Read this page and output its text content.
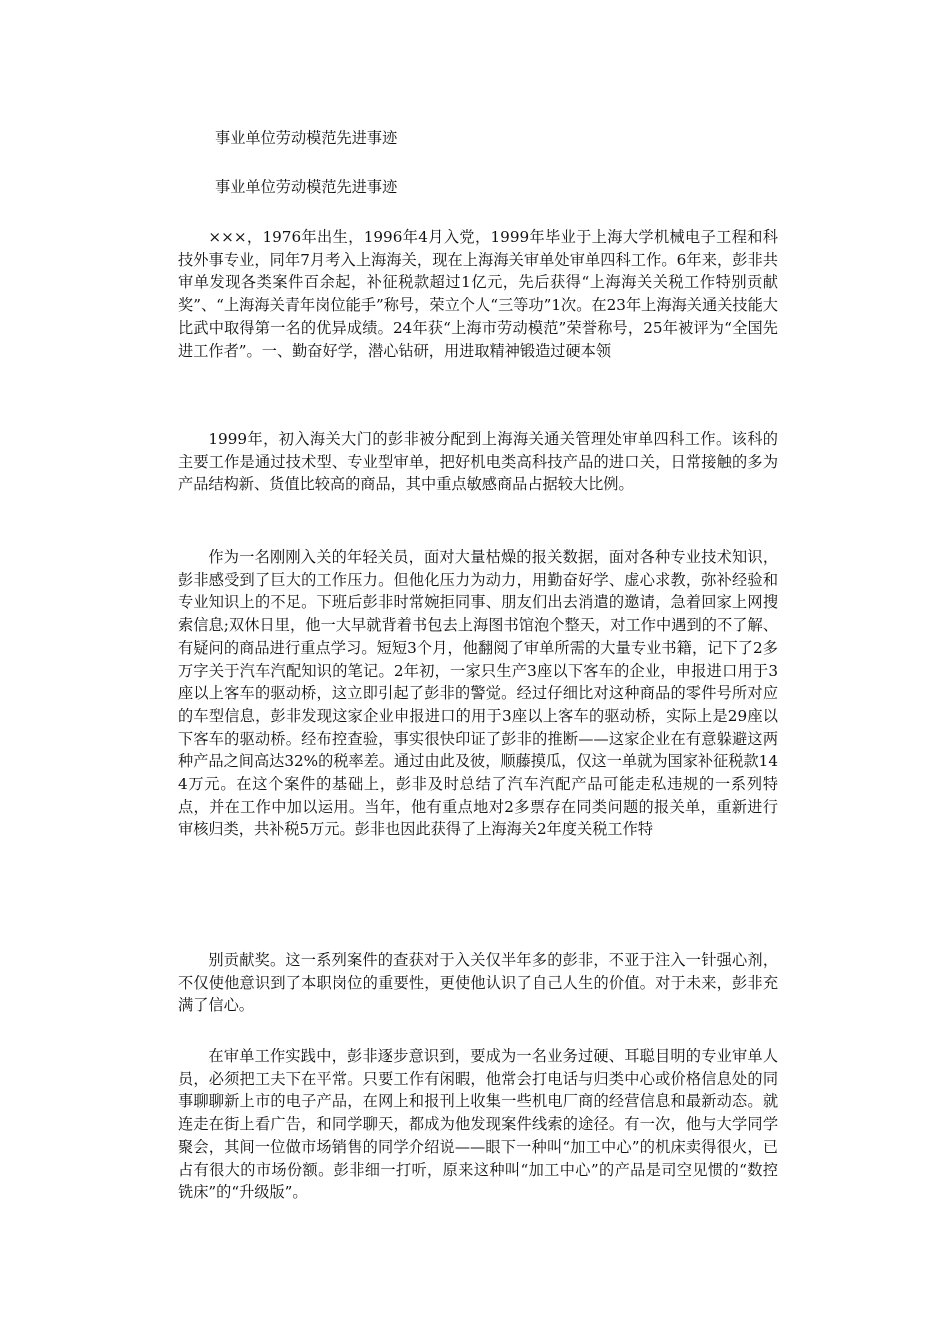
事业单位劳动模范先进事迹

事业单位劳动模范先进事迹

×××，1976年出生，1996年4月入党，1999年毕业于上海大学机械电子工程和科技外事专业，同年7月考入上海海关，现在上海海关审单处审单四科工作。6年来，彭非共审单发现各类案件百余起，补征税款超过1亿元，先后获得“上海海关关税工作特别贡献奖”、“上海海关青年岗位能手”称号，荣立个人“三等功”1次。在23年上海海关通关技能大比武中取得第一名的优异成绩。24年获“上海市劳动模范”荣誉称号，25年被评为“全国先进工作者”。一、勤奋好学，潜心钻研，用进取精神锻造过硬本领

1999年，初入海关大门的彭非被分配到上海海关通关管理处审单四科工作。该科的主要工作是通过技术型、专业型审单，把好机电类高科技产品的进口关，日常接触的多为产品结构新、货值比较高的商品，其中重点敏感商品占据较大比例。

作为一名刚刚入关的年轻关员，面对大量枯燥的报关数据，面对各种专业技术知识，彭非感受到了巨大的工作压力。但他化压力为动力，用勤奋好学、虚心求教，弥补经验和专业知识上的不足。下班后彭非时常婉拒同事、朋友们出去消遣的邀请，急着回家上网搜索信息;双休日里，他一大早就背着书包去上海图书馆泡个整天，对工作中遇到的不了解、有疑问的商品进行重点学习。短短3个月，他翻阅了审单所需的大量专业书籍，记下了2多万字关于汽车汽配知识的笔记。2年初，一家只生产3座以下客车的企业，申报进口用于3座以上客车的驱动桥，这立即引起了彭非的警觉。经过仔细比对这种商品的零件号所对应的车型信息，彭非发现这家企业申报进口的用于3座以上客车的驱动桥，实际上是29座以下客车的驱动桥。经布控查验，事实很快印证了彭非的推断——这家企业在有意躲避这两种产品之间高达32%的税率差。通过由此及彼，顺藤摸瓜，仅这一单就为国家补征税款144万元。在这个案件的基础上，彭非及时总结了汽车汽配产品可能走私违规的一系列特点，并在工作中加以运用。当年，他有重点地对2多票存在同类问题的报关单，重新进行审核归类，共补税5万元。彭非也因此获得了上海海关2年度关税工作特

别贡献奖。这一系列案件的查获对于入关仅半年多的彭非，不亚于注入一针强心剂，不仅使他意识到了本职岗位的重要性，更使他认识了自己人生的价值。对于未来，彭非充满了信心。

在审单工作实践中，彭非逐步意识到，要成为一名业务过硬、耳聪目明的专业审单人员，必须把工夫下在平常。只要工作有闲暇，他常会打电话与归类中心或价格信息处的同事聊聊新上市的电子产品，在网上和报刊上收集一些机电厂商的经营信息和最新动态。就连走在街上看广告，和同学聊天，都成为他发现案件线索的途径。有一次，他与大学同学聚会，其间一位做市场销售的同学介绍说——眼下一种叫“加工中心”的机床卖得很火，已占有很大的市场份额。彭非细一打听，原来这种叫“加工中心”的产品是司空见惯的“数控铣床”的“升级版”。
